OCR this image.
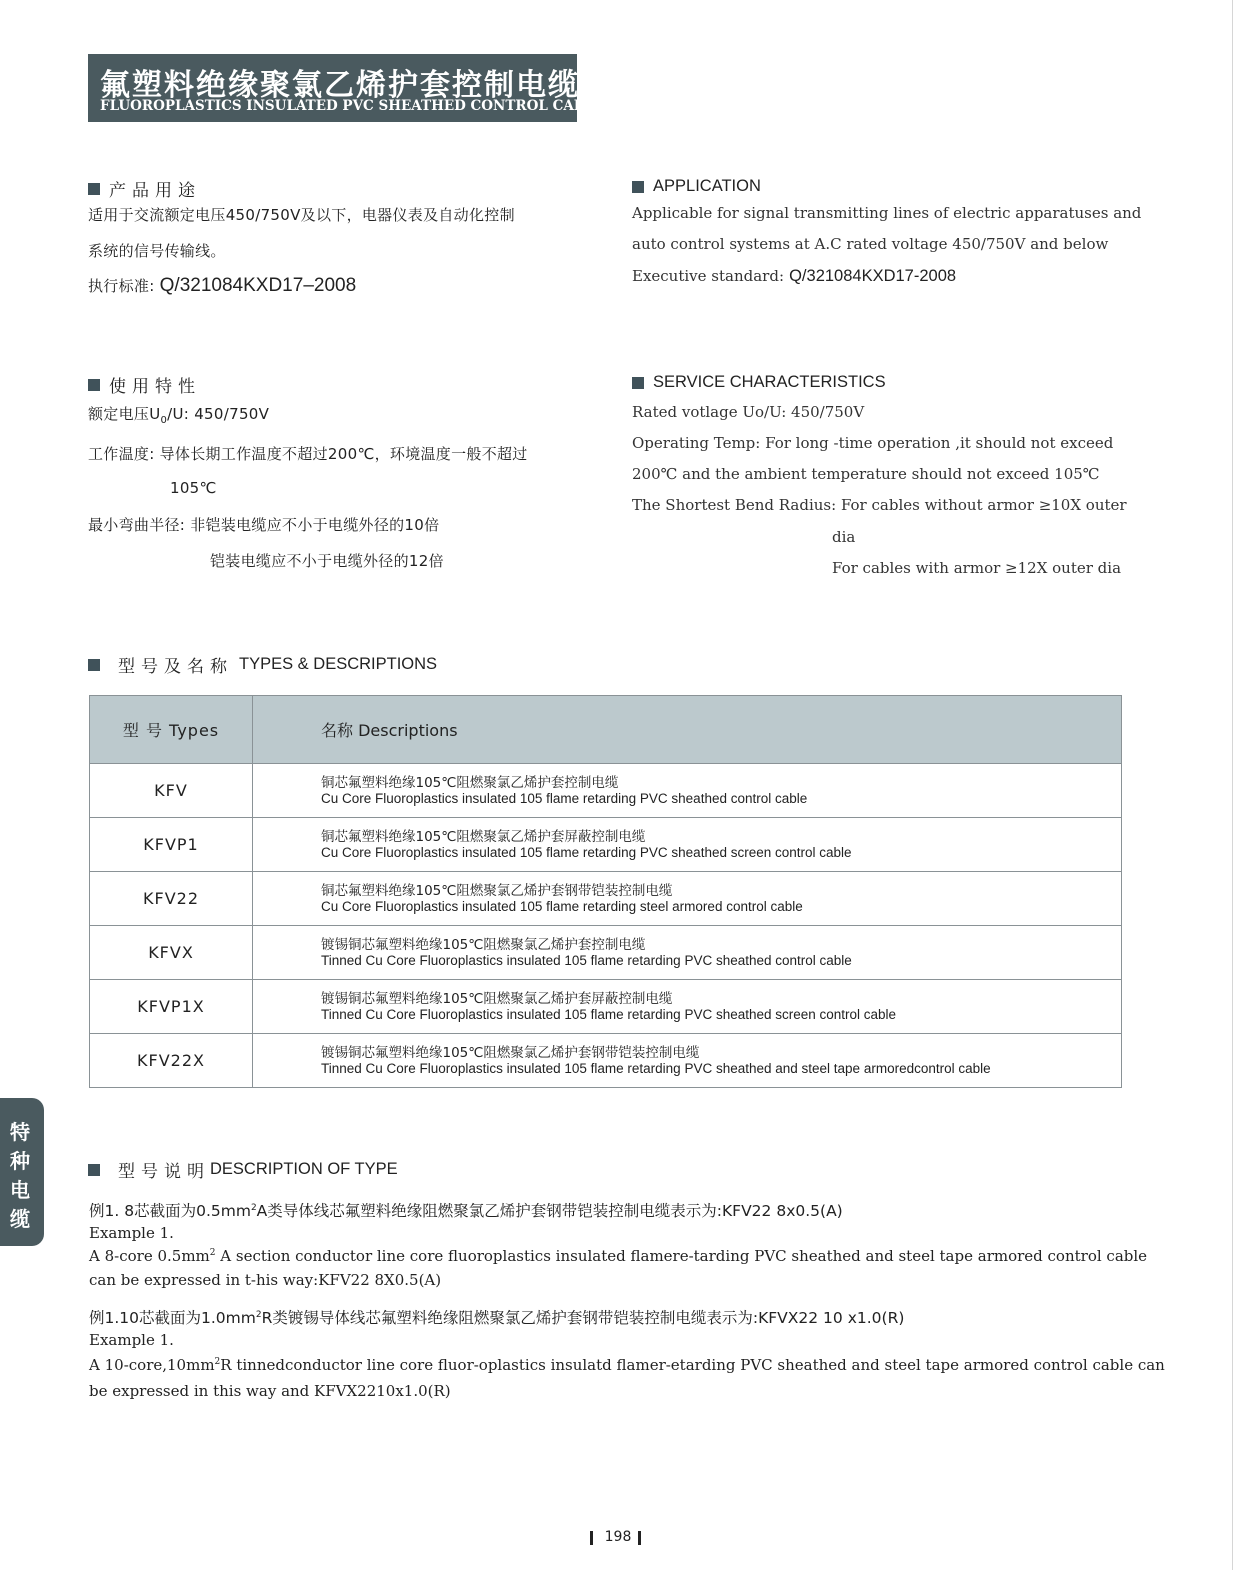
氟塑料绝缘聚氯乙烯护套控制电缆
FLUOROPLASTICS INSULATED PVC SHEATHED CONTROL CABLE
产品用途
适用于交流额定电压450/750V及以下，电器仪表及自动化控制
系统的信号传输线。
执行标准: Q/321084KXD17–2008
APPLICATION
Applicable for signal transmitting lines of electric apparatuses and
auto control systems at A.C rated voltage 450/750V and below
Executive standard: Q/321084KXD17-2008
使用特性
额定电压$U_0/U$: 450/750V
工作温度: 导体长期工作温度不超过200℃，环境温度一般不超过
105℃
最小弯曲半径: 非铠装电缆应不小于电缆外径的10倍
铠装电缆应不小于电缆外径的12倍
SERVICE CHARACTERISTICS
Rated votlage Uo/U: 450/750V
Operating Temp: For long -time operation ,it should not exceed
200℃ and the ambient temperature should not exceed 105℃
The Shortest Bend Radius: For cables without armor ≥10X outer
dia
For cables with armor ≥12X outer dia
型号及名称 TYPES & DESCRIPTIONS
型 号 Types	名称 Descriptions
KFV	铜芯氟塑料绝缘105℃阻燃聚氯乙烯护套控制电缆
Cu Core Fluoroplastics insulated 105 flame retarding PVC sheathed control cable

KFVP1	铜芯氟塑料绝缘105℃阻燃聚氯乙烯护套屏蔽控制电缆
Cu Core Fluoroplastics insulated 105 flame retarding PVC sheathed screen control cable

KFV22	铜芯氟塑料绝缘105℃阻燃聚氯乙烯护套钢带铠装控制电缆
Cu Core Fluoroplastics insulated 105 flame retarding steel armored control cable

KFVX	镀锡铜芯氟塑料绝缘105℃阻燃聚氯乙烯护套控制电缆
Tinned Cu Core Fluoroplastics insulated 105 flame retarding PVC sheathed control cable

KFVP1X	镀锡铜芯氟塑料绝缘105℃阻燃聚氯乙烯护套屏蔽控制电缆
Tinned Cu Core Fluoroplastics insulated 105 flame retarding PVC sheathed screen control cable

KFV22X	镀锡铜芯氟塑料绝缘105℃阻燃聚氯乙烯护套钢带铠装控制电缆
Tinned Cu Core Fluoroplastics insulated 105 flame retarding PVC sheathed and steel tape armoredcontrol cable
特
种
电
缆
型号说明 DESCRIPTION OF TYPE
例1. 8芯截面为$0.5mm^2A$类导体线芯氟塑料绝缘阻燃聚氯乙烯护套钢带铠装控制电缆表示为:KFV22 8x0.5(A)
Example 1.
A 8-core $0.5mm^2$ A section conductor line core fluoroplastics insulated flamere-tarding PVC sheathed and steel tape armored control cable
can be expressed in t-his way:KFV22 8X0.5(A)
例1.10芯截面为$1.0mm^2R$类镀锡导体线芯氟塑料绝缘阻燃聚氯乙烯护套钢带铠装控制电缆表示为:KFVX22 10 x1.0(R)
Example 1.
A $10-core,10mm^2R$ tinnedconductor line core fluor-oplastics insulatd flamer-etarding PVC sheathed and steel tape armored control cable can
be expressed in this way and KFVX2210x1.0(R)
198
